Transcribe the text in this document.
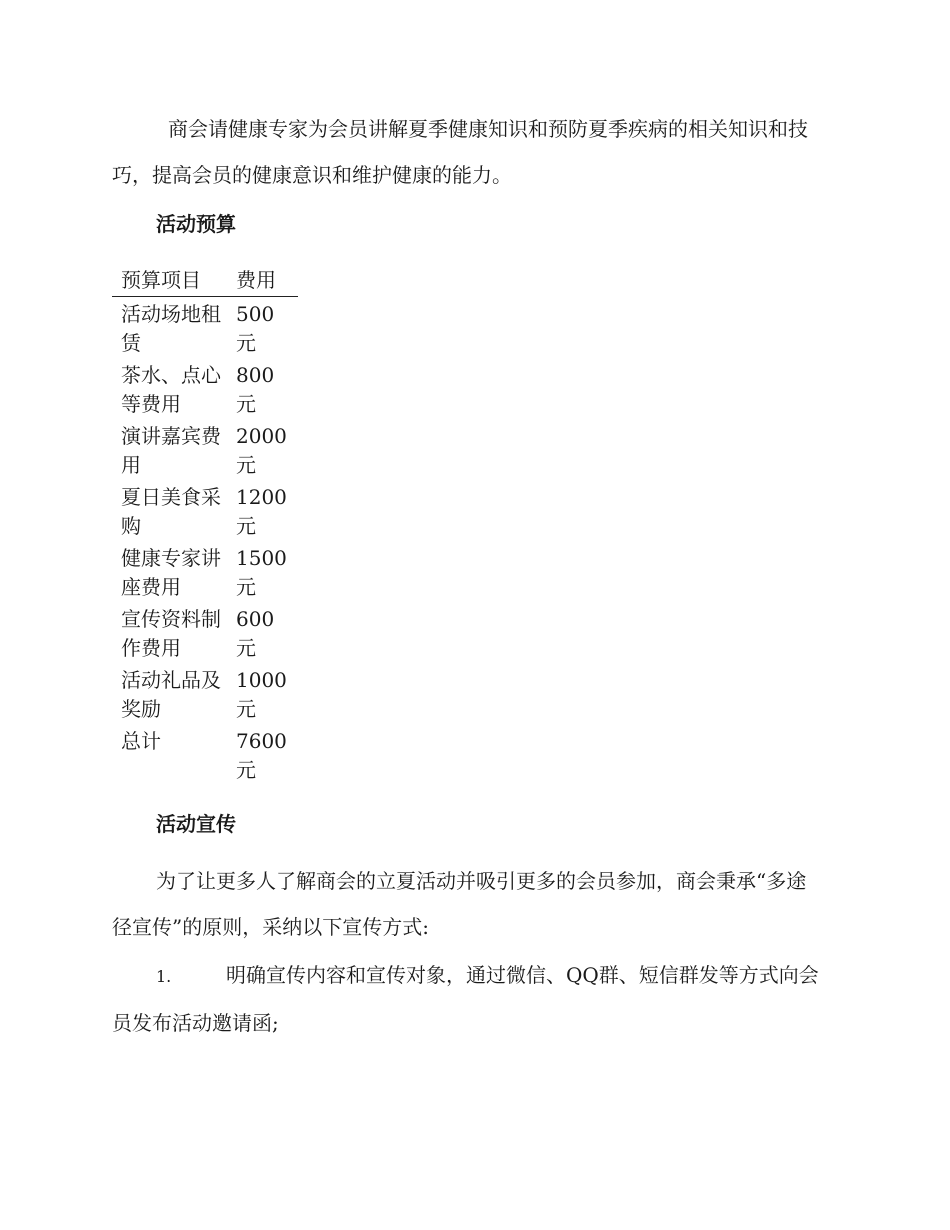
商会请健康专家为会员讲解夏季健康知识和预防夏季疾病的相关知识和技巧，提高会员的健康意识和维护健康的能力。

活动预算
预算项目	费用
活动场地租赁	500元
茶水、点心等费用	800元
演讲嘉宾费用	2000元
夏日美食采购	1200元
健康专家讲座费用	1500元
宣传资料制作费用	600元
活动礼品及奖励	1000元
总计	7600元
活动宣传

为了让更多人了解商会的立夏活动并吸引更多的会员参加，商会秉承“多途径宣传”的原则，采纳以下宣传方式:

1.	明确宣传内容和宣传对象，通过微信、QQ群、短信群发等方式向会员发布活动邀请函;
